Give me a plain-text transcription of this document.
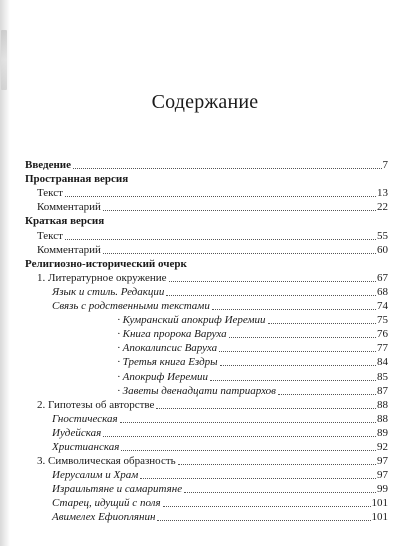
Содержание
Введение	7
Пространная версия
Текст	13
Комментарий	22
Краткая версия
Текст	55
Комментарий	60
Религиозно-исторический очерк
1. Литературное окружение	67
Язык и стиль. Редакции	68
Связь с родственными текстами	74
· Кумранский апокриф Иеремии	75
· Книга пророка Варуха	76
· Апокалипсис Варуха	77
· Третья книга Ездры	84
· Апокриф Иеремии	85
· Заветы двенадцати патриархов	87
2. Гипотезы об авторстве	88
Гностическая	88
Иудейская	89
Христианская	92
3. Символическая образность	97
Иерусалим и Храм	97
Израильтяне и самаритяне	99
Старец, идущий с поля	101
Авимелех Ефиоплянин	101
